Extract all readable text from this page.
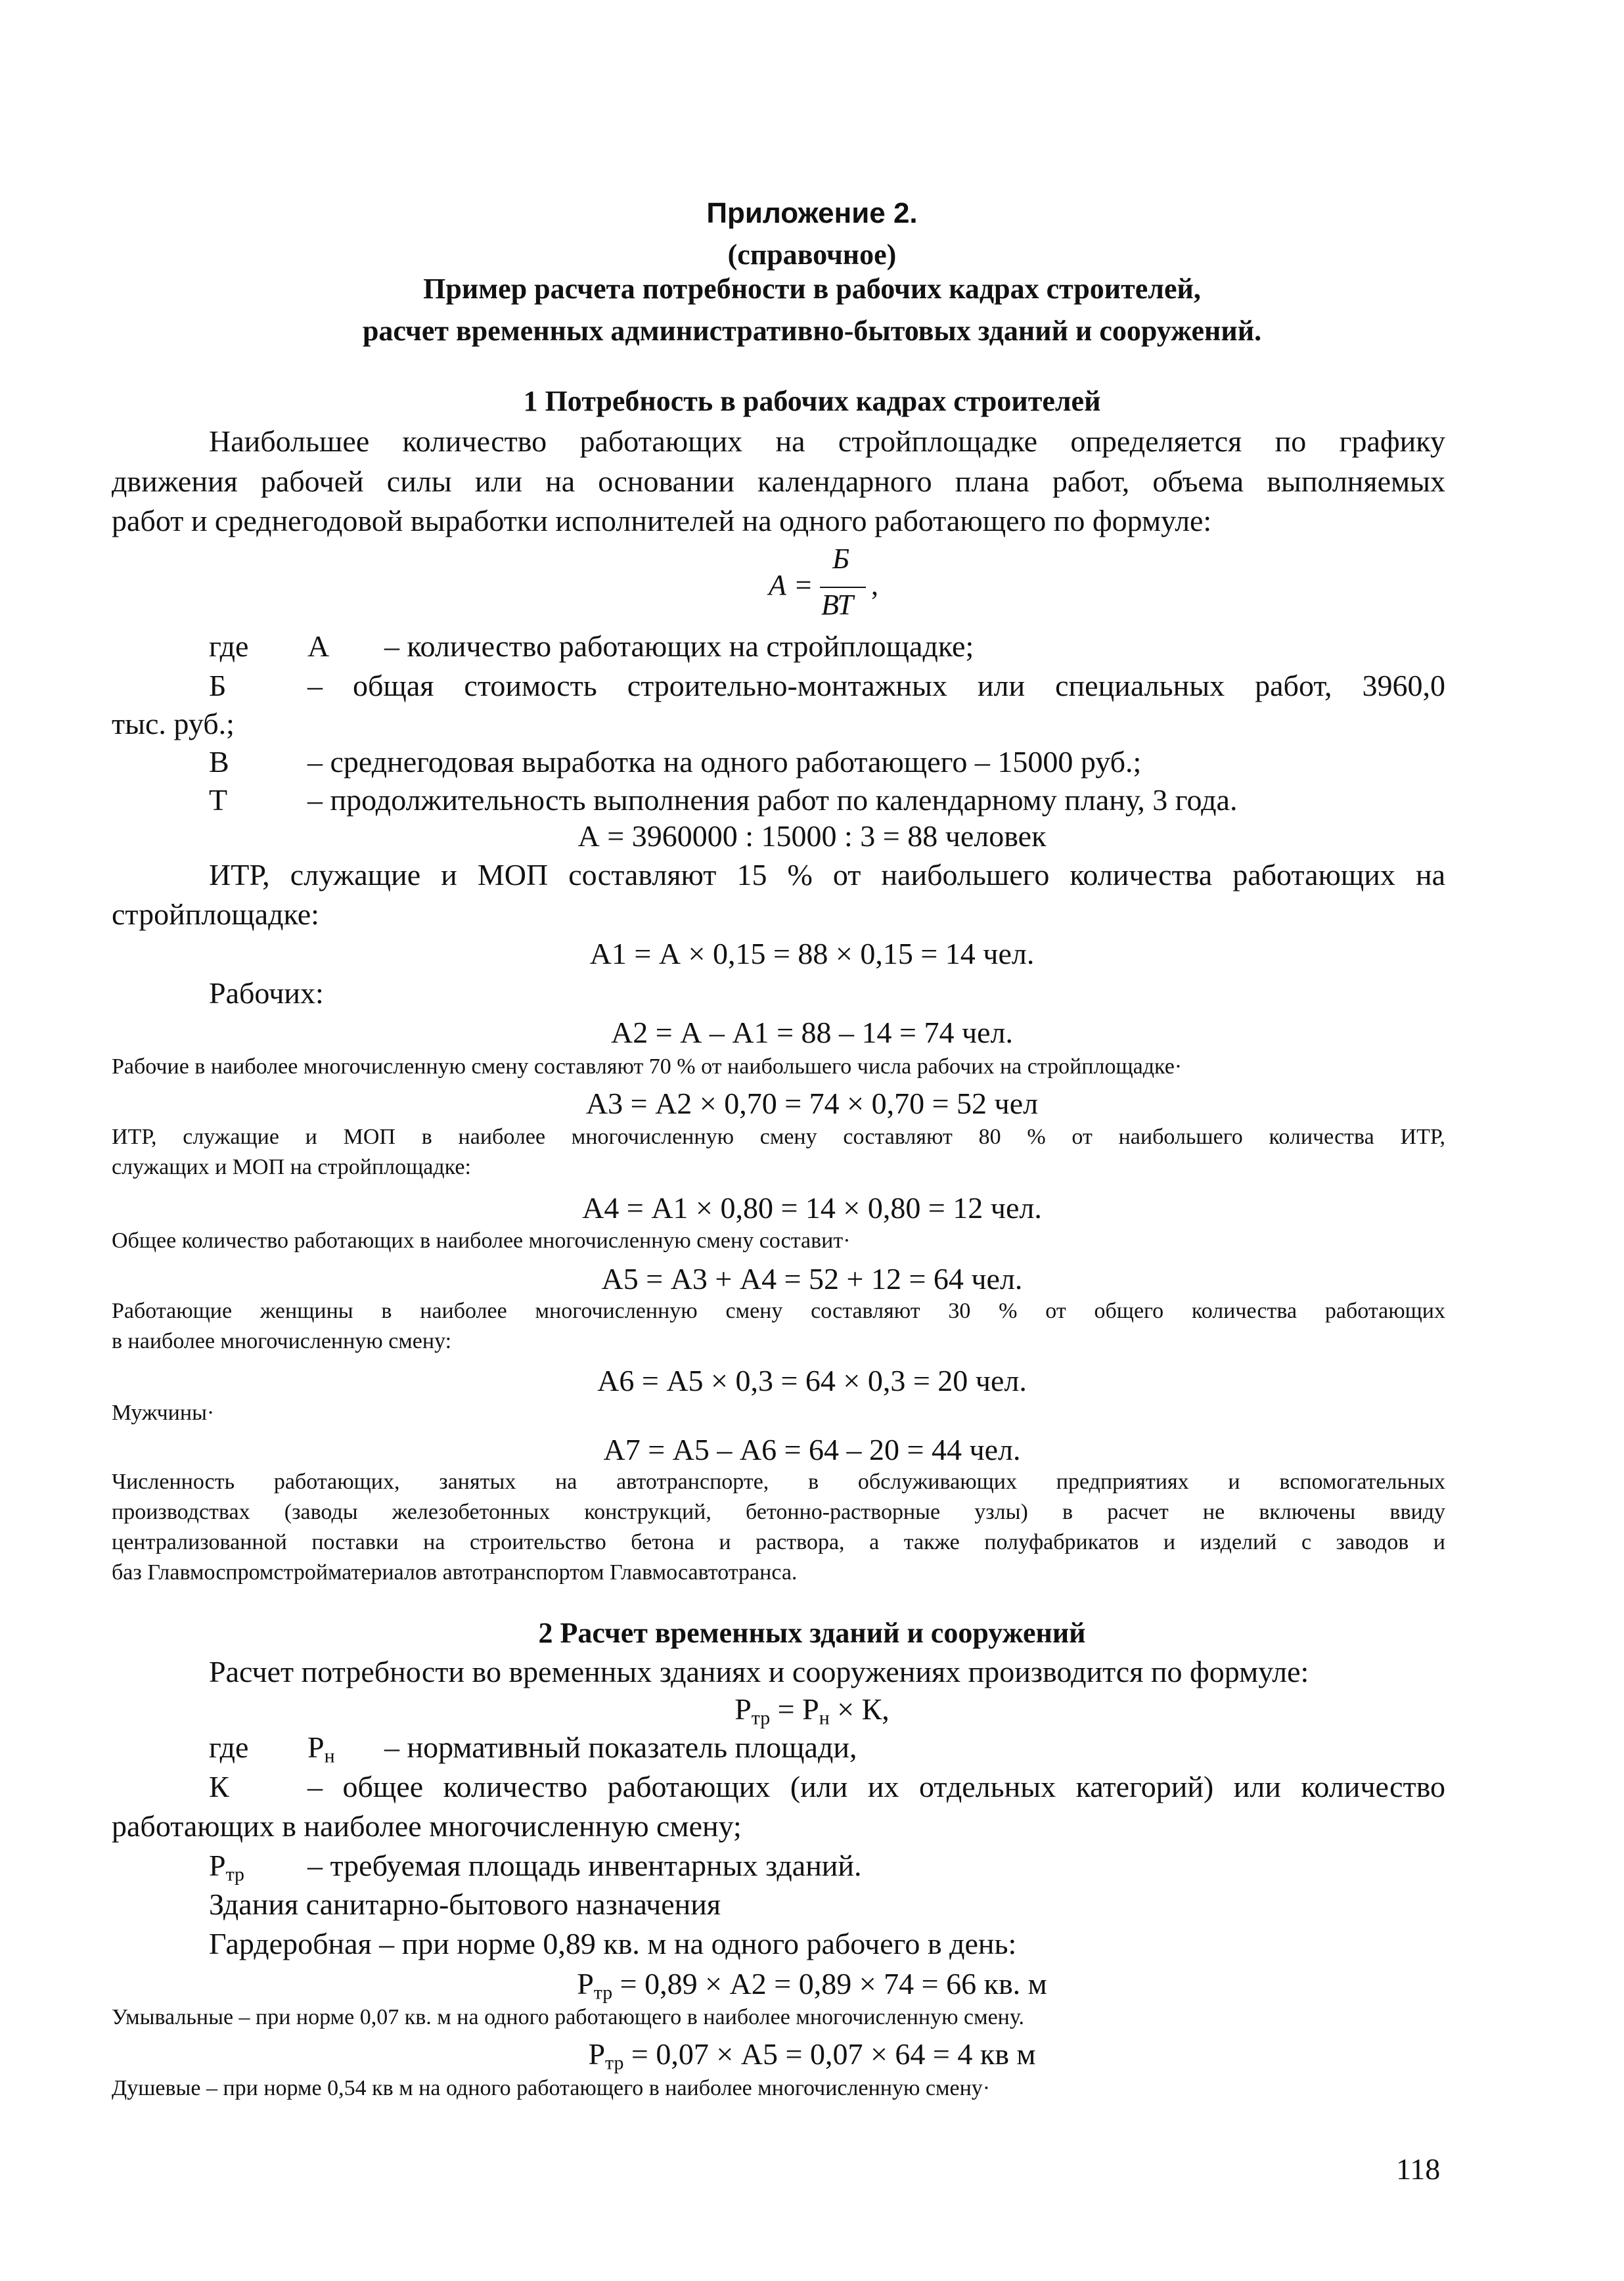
Приложение 2.
(справочное)
Пример расчета потребности в рабочих кадрах строителей,
расчет временных административно-бытовых зданий и сооружений.
1 Потребность в рабочих кадрах строителей
Наибольшее количество работающих на стройплощадке определяется по графику
движения рабочей силы или на основании календарного плана работ, объема выполняемых
работ и среднегодовой выработки исполнителей на одного работающего по формуле:
А =
Б
ВТ
,
где А – количество работающих на стройплощадке;
Б	– общая стоимость строительно-монтажных или специальных работ, 3960,0
тыс. руб.;
В	– среднегодовая выработка на одного работающего – 15000 руб.;
Т	– продолжительность выполнения работ по календарному плану, 3 года.
А = 3960000 : 15000 : 3 = 88 человек
ИТР, служащие и МОП составляют 15 % от наибольшего количества работающих на
стройплощадке:
А1 = А × 0,15 = 88 × 0,15 = 14 чел.
Рабочих:
А2 = А – А1 = 88 – 14 = 74 чел.
Рабочие в наиболее многочисленную смену составляют 70 % от наибольшего числа рабочих на стройплощадке·
А3 = А2 × 0,70 = 74 × 0,70 = 52 чел
ИТР, служащие и МОП в наиболее многочисленную смену составляют 80 % от наибольшего количества ИТР,
служащих и МОП на стройплощадке:
А4 = А1 × 0,80 = 14 × 0,80 = 12 чел.
Общее количество работающих в наиболее многочисленную смену составит·
А5 = А3 + А4 = 52 + 12 = 64 чел.
Работающие женщины в наиболее многочисленную смену составляют 30 % от общего количества работающих
в наиболее многочисленную смену:
А6 = А5 × 0,3 = 64 × 0,3 = 20 чел.
Мужчины·
А7 = А5 – А6 = 64 – 20 = 44 чел.
Численность работающих, занятых на автотранспорте, в обслуживающих предприятиях и вспомогательных
производствах (заводы железобетонных конструкций, бетонно-растворные узлы) в расчет не включены ввиду
централизованной поставки на строительство бетона и раствора, а также полуфабрикатов и изделий с заводов и
баз Главмоспромстройматериалов автотранспортом Главмосавтотранса.
2 Расчет временных зданий и сооружений
Расчет потребности во временных зданиях и сооружениях производится по формуле:
$Р_{тр} = Р_н \times К$,
где $Р_н$ – нормативный показатель площади,
К	– общее количество работающих (или их отдельных категорий) или количество
работающих в наиболее многочисленную смену;
$Р_{тр}$ – требуемая площадь инвентарных зданий.
Здания санитарно-бытового назначения
Гардеробная – при норме 0,89 кв. м на одного рабочего в день:
$Р_{тр} = 0,89 \times А2 = 0,89 \times 74 = 66$ кв. м
Умывальные – при норме 0,07 кв. м на одного работающего в наиболее многочисленную смену.
$Р_{тр} = 0,07 \times А5 = 0,07 \times 64 = 4$ кв м
Душевые – при норме 0,54 кв м на одного работающего в наиболее многочисленную смену·
118
